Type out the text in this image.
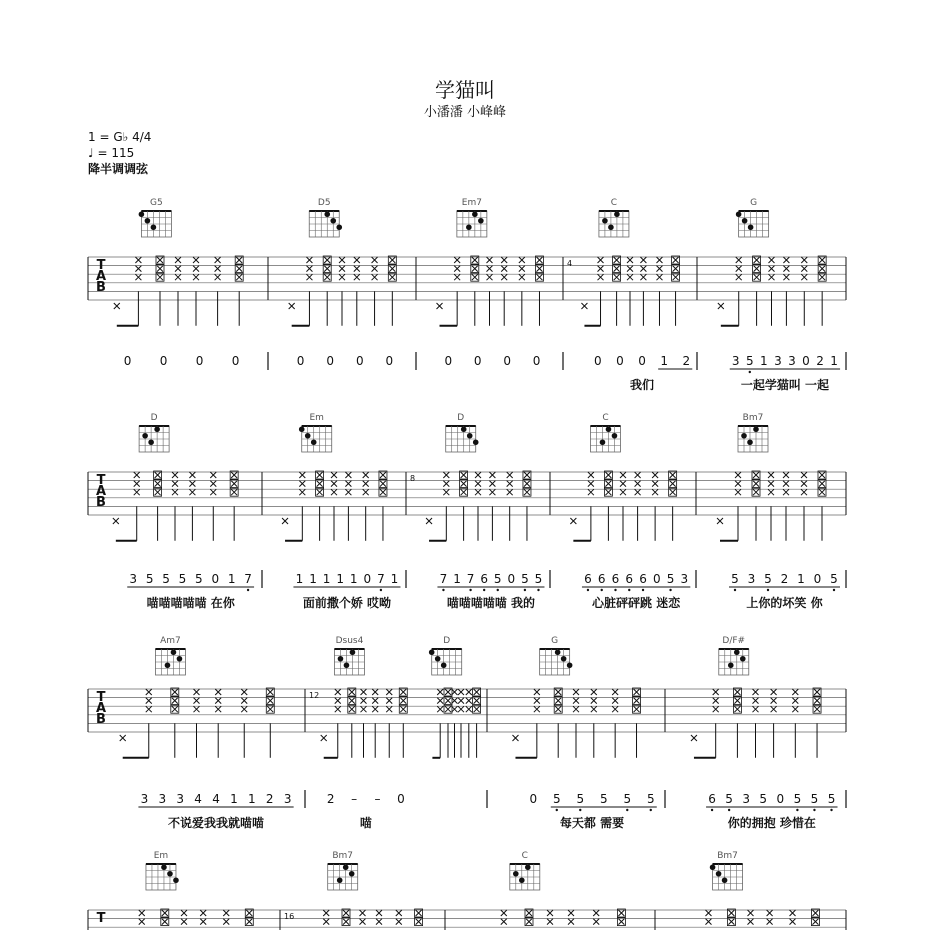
学猫叫
小潘潘 小峰峰
1 = G♭ 4/4
♩ = 115
降半调调弦
T
A
B
0 0 0 0	0 0 0 0	0 0 0 0
4
0 0 0 1 2
我们
3 5 1 3 3 0 2 1
一起学猫叫 一起
G5	D5	Em7	C	G
T
A
B
3 5 5 5 5 0 1 7
喵喵喵喵喵 在你
1 1 1 1 1 0 7 1
面前撒个娇 哎呦
8
7 1 7 6 5 0 5 5
喵喵喵喵喵 我的
6 6 6 6 6 0 5 3
心脏砰砰跳 迷恋
5 3 5 2 1 0 5
上你的坏笑 你
D	Em	D	C	Bm7
T
A
B
3 3 3 4 4 1 1 2 3
不说爱我我就喵喵
12
2 – – 0
喵
0 5 5 5 5 5
每天都 需要
6 5 3 5 0 5 5 5
你的拥抱 珍惜在
Am7	Dsus4	D	G	D/F#
T	16
Em	Bm7	C	Bm7
